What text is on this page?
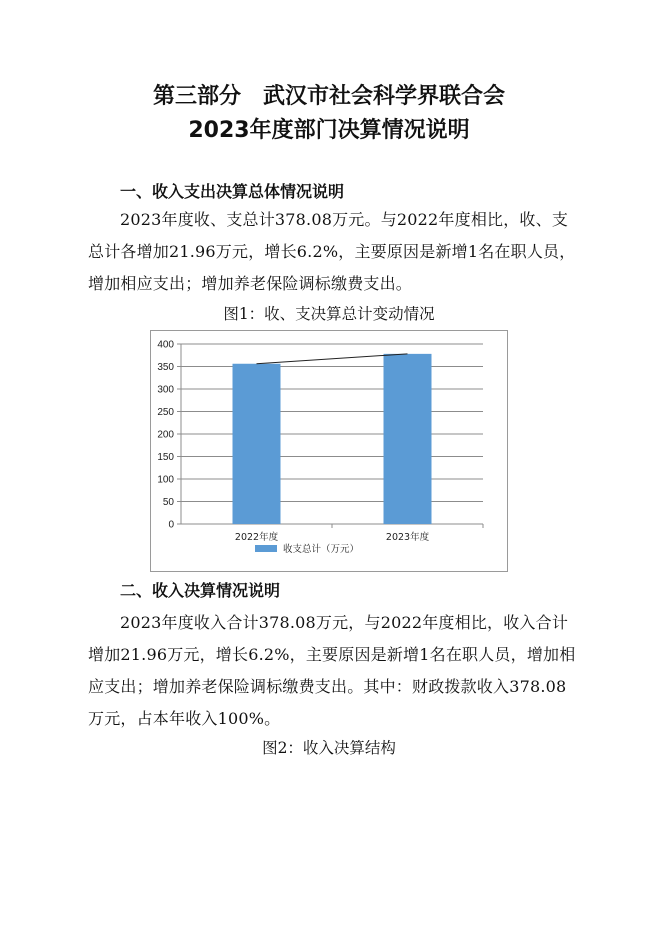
第三部分　武汉市社会科学界联合会
2023年度部门决算情况说明
一、收入支出决算总体情况说明
2023年度收、支总计378.08万元。与2022年度相比，收、支总计各增加21.96万元，增长6.2%，主要原因是新增1名在职人员，增加相应支出；增加养老保险调标缴费支出。
图1：收、支决算总计变动情况
0
50
100
150
200
250
300
350
400
2022年度	2023年度
收支总计（万元）
二、收入决算情况说明
2023年度收入合计378.08万元，与2022年度相比，收入合计增加21.96万元，增长6.2%，主要原因是新增1名在职人员，增加相应支出；增加养老保险调标缴费支出。其中：财政拨款收入378.08万元，占本年收入100%。
图2：收入决算结构
